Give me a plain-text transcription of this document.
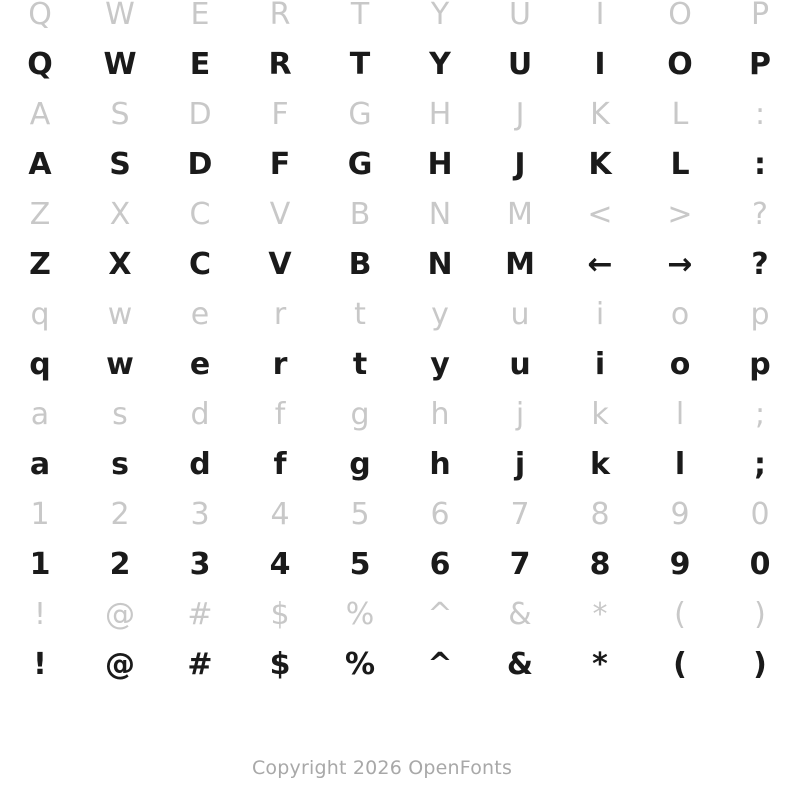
Q	W	E	R	T	Y	U	I	O	P
Q	W	E	R	T	Y	U	I	O	P
A	S	D	F	G	H	J	K	L	:
A	S	D	F	G	H	J	K	L	:
Z	X	C	V	B	N	M	<	>	?
Z	X	C	V	B	N	M	←	→	?
q	w	e	r	t	y	u	i	o	p
q	w	e	r	t	y	u	i	o	p
a	s	d	f	g	h	j	k	l	;
a	s	d	f	g	h	j	k	l	;
1	2	3	4	5	6	7	8	9	0
1	2	3	4	5	6	7	8	9	0
!	@	#	$	%	^	&	*	(	)
!	@	#	$	%	^	&	*	(	)
Copyright 2026 OpenFonts
